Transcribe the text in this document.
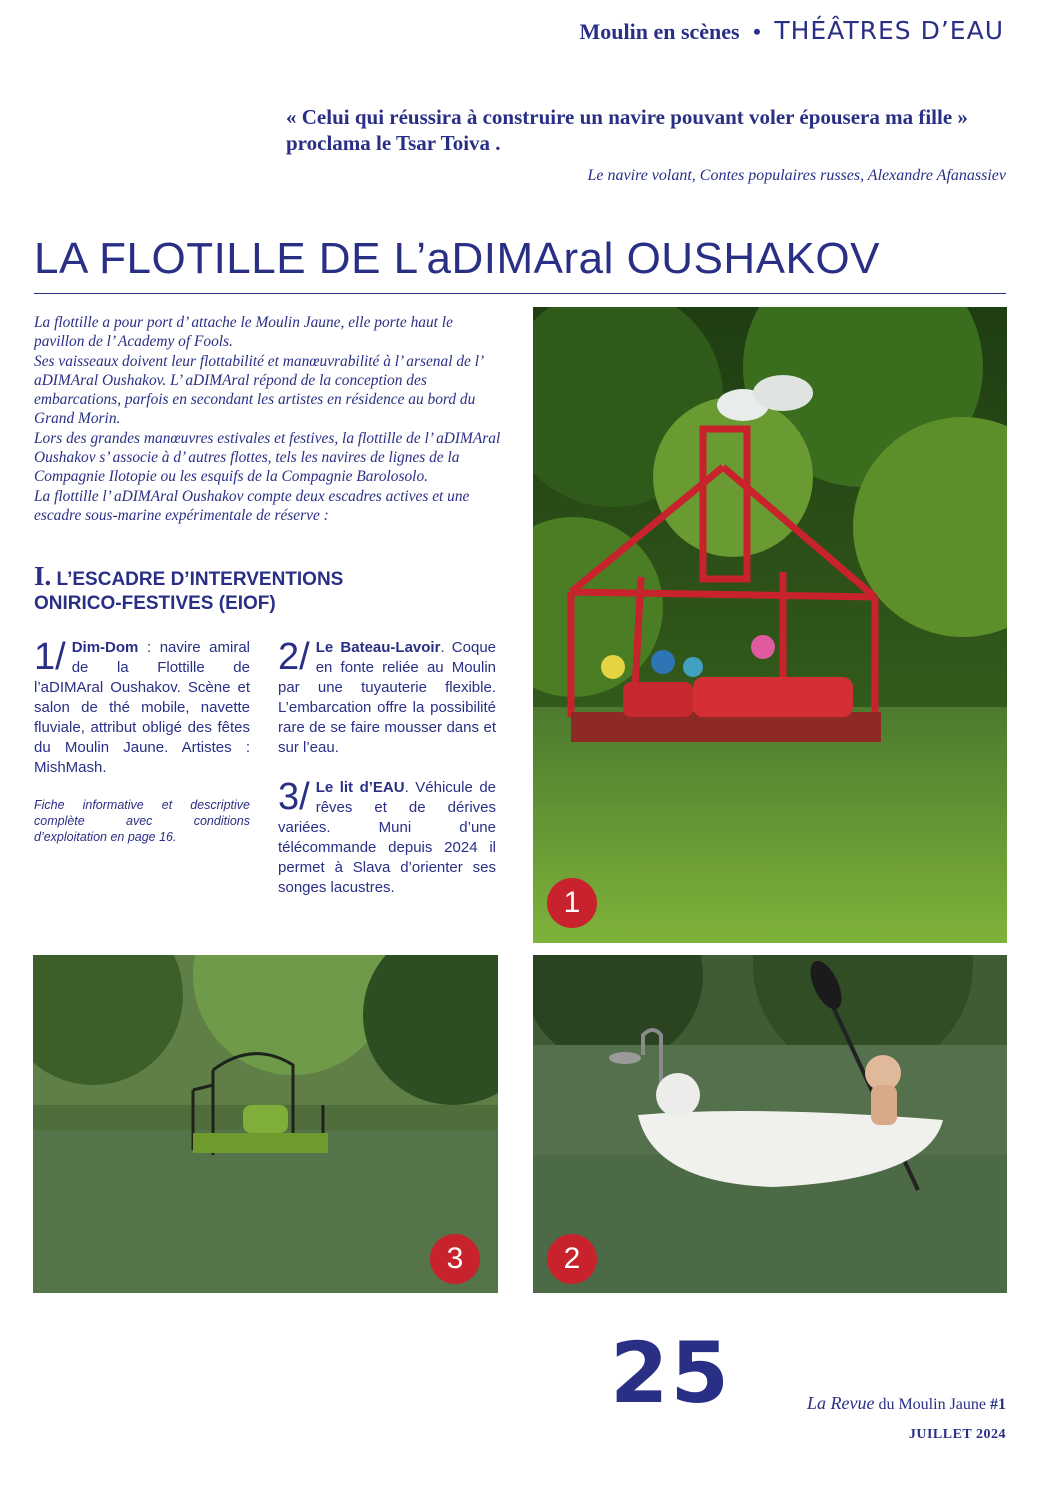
Moulin en scènes • THÉÂTRES D’EAU
« Celui qui réussira à construire un navire pouvant voler épousera ma fille » proclama le Tsar Toiva .
Le navire volant, Contes populaires russes, Alexandre Afanassiev
LA FLOTILLE DE L’aDIMAral OUSHAKOV

La flottille a pour port d’ attache le Moulin Jaune, elle porte haut le pavillon de l’ Academy of Fools.

Ses vaisseaux doivent leur flottabilité et manœuvrabilité à l’ arsenal de l’ aDIMAral Oushakov. L’ aDIMAral répond de la conception des embarcations, parfois en secondant les artistes en résidence au bord du Grand Morin.

Lors des grandes manœuvres estivales et festives, la flottille de l’ aDIMAral Oushakov s’ associe à d’ autres flottes, tels les navires de lignes de la Compagnie Ilotopie ou les esquifs de la Compagnie Barolosolo.

La flottille l’ aDIMAral Oushakov compte deux escadres actives et une escadre sous-marine expérimentale de réserve :

I. L’ESCADRE D’INTERVENTIONS
ONIRICO-FESTIVES (EIOF)
1/ Dim-Dom : navire amiral de la Flottille de l’aDIMAral Oushakov. Scène et salon de thé mobile, navette fluviale, attribut obligé des fêtes du Moulin Jaune. Artistes : MishMash.
Fiche informative et descriptive complète avec conditions d’exploitation en page 16.
2/ Le Bateau-Lavoir. Coque en fonte reliée au Moulin par une tuyauterie flexible. L’embarcation offre la possibilité rare de se faire mousser dans et sur l’eau.
3/ Le lit d’EAU. Véhicule de rêves et de dérives variées. Muni d’une télécommande depuis 2024 il permet à Slava d’orienter ses songes lacustres.	1
3	2
25	La Revue du Moulin Jaune #1
JUILLET 2024
